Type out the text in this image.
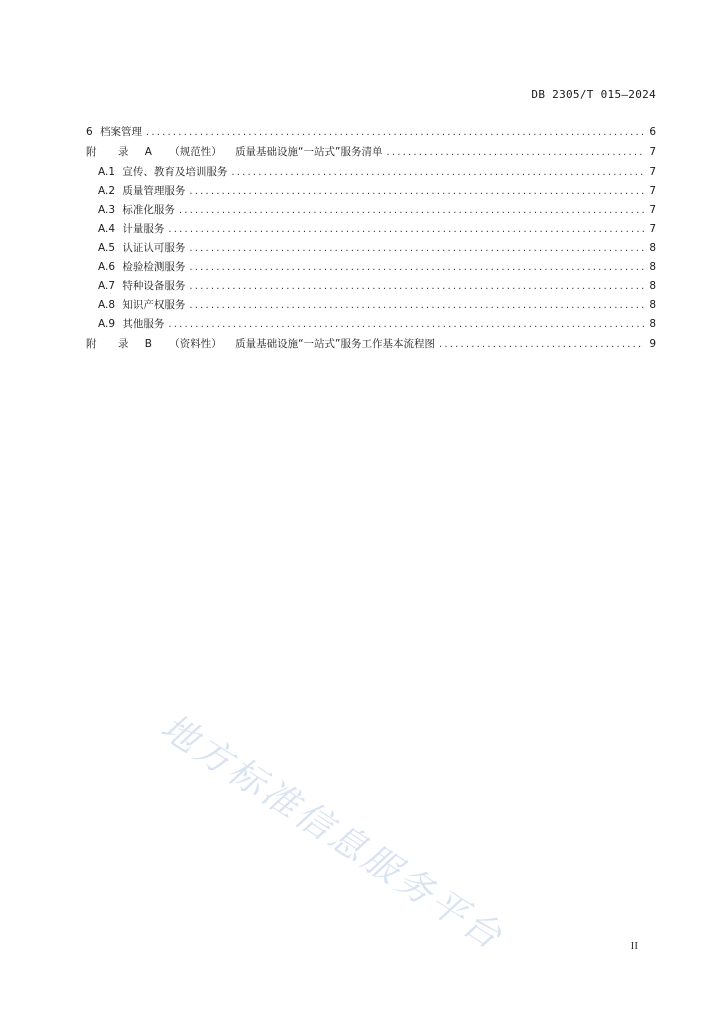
DB 2305/T 015—2024
6 档案管理 .....	6
附 录 A （规范性） 质量基础设施“一站式”服务清单 .....	7
A.1 宣传、教育及培训服务 .....	7
A.2 质量管理服务 .....	7
A.3 标准化服务 .....	7
A.4 计量服务 .....	7
A.5 认证认可服务 .....	8
A.6 检验检测服务 .....	8
A.7 特种设备服务 .....	8
A.8 知识产权服务 .....	8
A.9 其他服务 .....	8
附 录 B （资料性） 质量基础设施“一站式”服务工作基本流程图 .....	9
地方标准信息服务平台	II
